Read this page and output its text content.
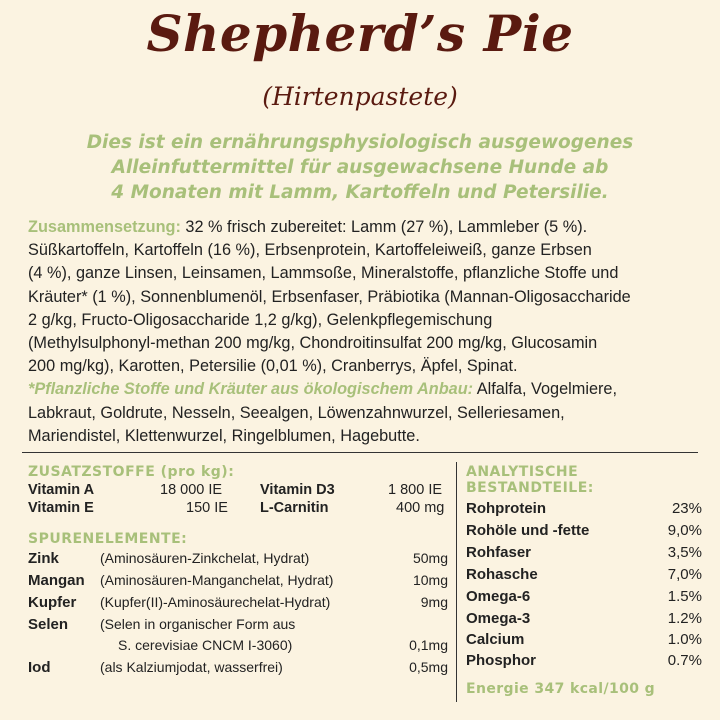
Shepherd’s Pie
(Hirtenpastete)
Dies ist ein ernährungsphysiologisch ausgewogenes
Alleinfuttermittel für ausgewachsene Hunde ab
4 Monaten mit Lamm, Kartoffeln und Petersilie.
Zusammensetzung: 32 % frisch zubereitet: Lamm (27 %), Lammleber (5 %).
Süßkartoffeln, Kartoffeln (16 %), Erbsenprotein, Kartoffeleiweiß, ganze Erbsen
(4 %), ganze Linsen, Leinsamen, Lammsoße, Mineralstoffe, pflanzliche Stoffe und
Kräuter* (1 %), Sonnenblumenöl, Erbsenfaser, Präbiotika (Mannan-Oligosaccharide
2 g/kg, Fructo-Oligosaccharide 1,2 g/kg), Gelenkpflegemischung
(Methylsulphonyl-methan 200 mg/kg, Chondroitinsulfat 200 mg/kg, Glucosamin
200 mg/kg), Karotten, Petersilie (0,01 %), Cranberrys, Äpfel, Spinat.
*Pflanzliche Stoffe und Kräuter aus ökologischem Anbau: Alfalfa, Vogelmiere,
Labkraut, Goldrute, Nesseln, Seealgen, Löwenzahnwurzel, Selleriesamen,
Mariendistel, Klettenwurzel, Ringelblumen, Hagebutte.
ZUSATZSTOFFE (pro kg):
Vitamin A	18 000 IE	Vitamin D3	1 800 IE
Vitamin E	150 IE L-Carnitin	400 mg
SPURENELEMENTE:
Zink	(Aminosäuren-Zinkchelat, Hydrat)	50mg
Mangan (Aminosäuren-Manganchelat, Hydrat)	10mg
Kupfer (Kupfer(II)-Aminosäurechelat-Hydrat)	9mg
Selen (Selen in organischer Form aus
S. cerevisiae CNCM I-3060)	0,1mg
Iod	(als Kalziumjodat, wasserfrei)	0,5mg
ANALYTISCHE
BESTANDTEILE:
Rohprotein	23%
Rohöle und -fette	9,0%
Rohfaser	3,5%
Rohasche	7,0%
Omega-6	1.5%
Omega-3	1.2%
Calcium	1.0%
Phosphor	0.7%
Energie 347 kcal/100 g
